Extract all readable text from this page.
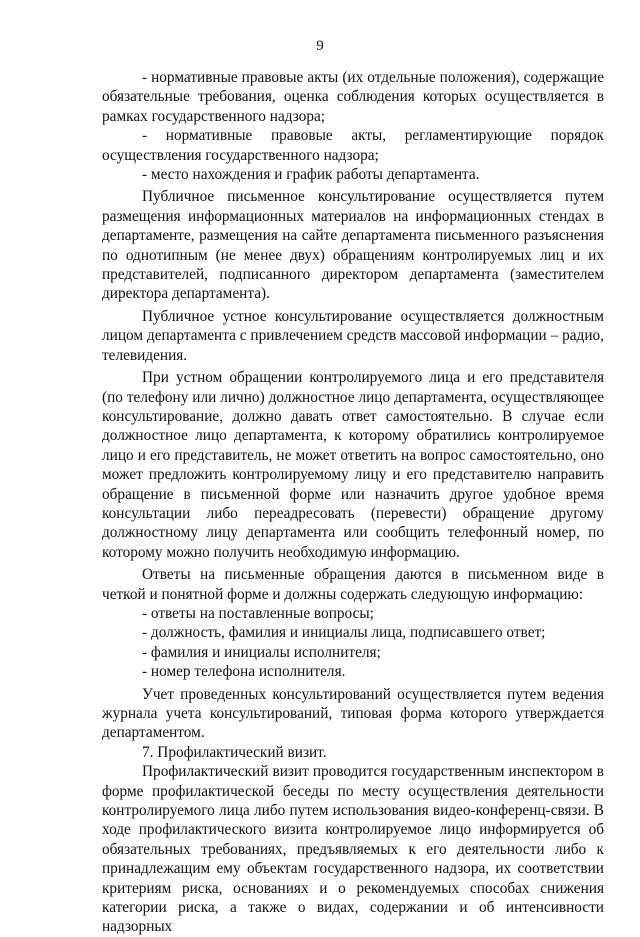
9

- нормативные правовые акты (их отдельные положения), содержащие обязательные требования, оценка соблюдения которых осуществляется в рамках государственного надзора;

- нормативные правовые акты, регламентирующие порядок осуществления государственного надзора;

- место нахождения и график работы департамента.

Публичное письменное консультирование осуществляется путем размещения информационных материалов на информационных стендах в департаменте, размещения на сайте департамента письменного разъяснения по однотипным (не менее двух) обращениям контролируемых лиц и их представителей, подписанного директором департамента (заместителем директора департамента).

Публичное устное консультирование осуществляется должностным лицом департамента с привлечением средств массовой информации – радио, телевидения.

При устном обращении контролируемого лица и его представителя (по телефону или лично) должностное лицо департамента, осуществляющее консультирование, должно давать ответ самостоятельно. В случае если должностное лицо департамента, к которому обратились контролируемое лицо и его представитель, не может ответить на вопрос самостоятельно, оно может предложить контролируемому лицу и его представителю направить обращение в письменной форме или назначить другое удобное время консультации либо переадресовать (перевести) обращение другому должностному лицу департамента или сообщить телефонный номер, по которому можно получить необходимую информацию.

Ответы на письменные обращения даются в письменном виде в четкой и понятной форме и должны содержать следующую информацию:

- ответы на поставленные вопросы;

- должность, фамилия и инициалы лица, подписавшего ответ;

- фамилия и инициалы исполнителя;

- номер телефона исполнителя.

Учет проведенных консультирований осуществляется путем ведения журнала учета консультирований, типовая форма которого утверждается департаментом.

7. Профилактический визит.

Профилактический визит проводится государственным инспектором в форме профилактической беседы по месту осуществления деятельности контролируемого лица либо путем использования видео-конференц-связи. В ходе профилактического визита контролируемое лицо информируется об обязательных требованиях, предъявляемых к его деятельности либо к принадлежащим ему объектам государственного надзора, их соответствии критериям риска, основаниях и о рекомендуемых способах снижения категории риска, а также о видах, содержании и об интенсивности надзорных
